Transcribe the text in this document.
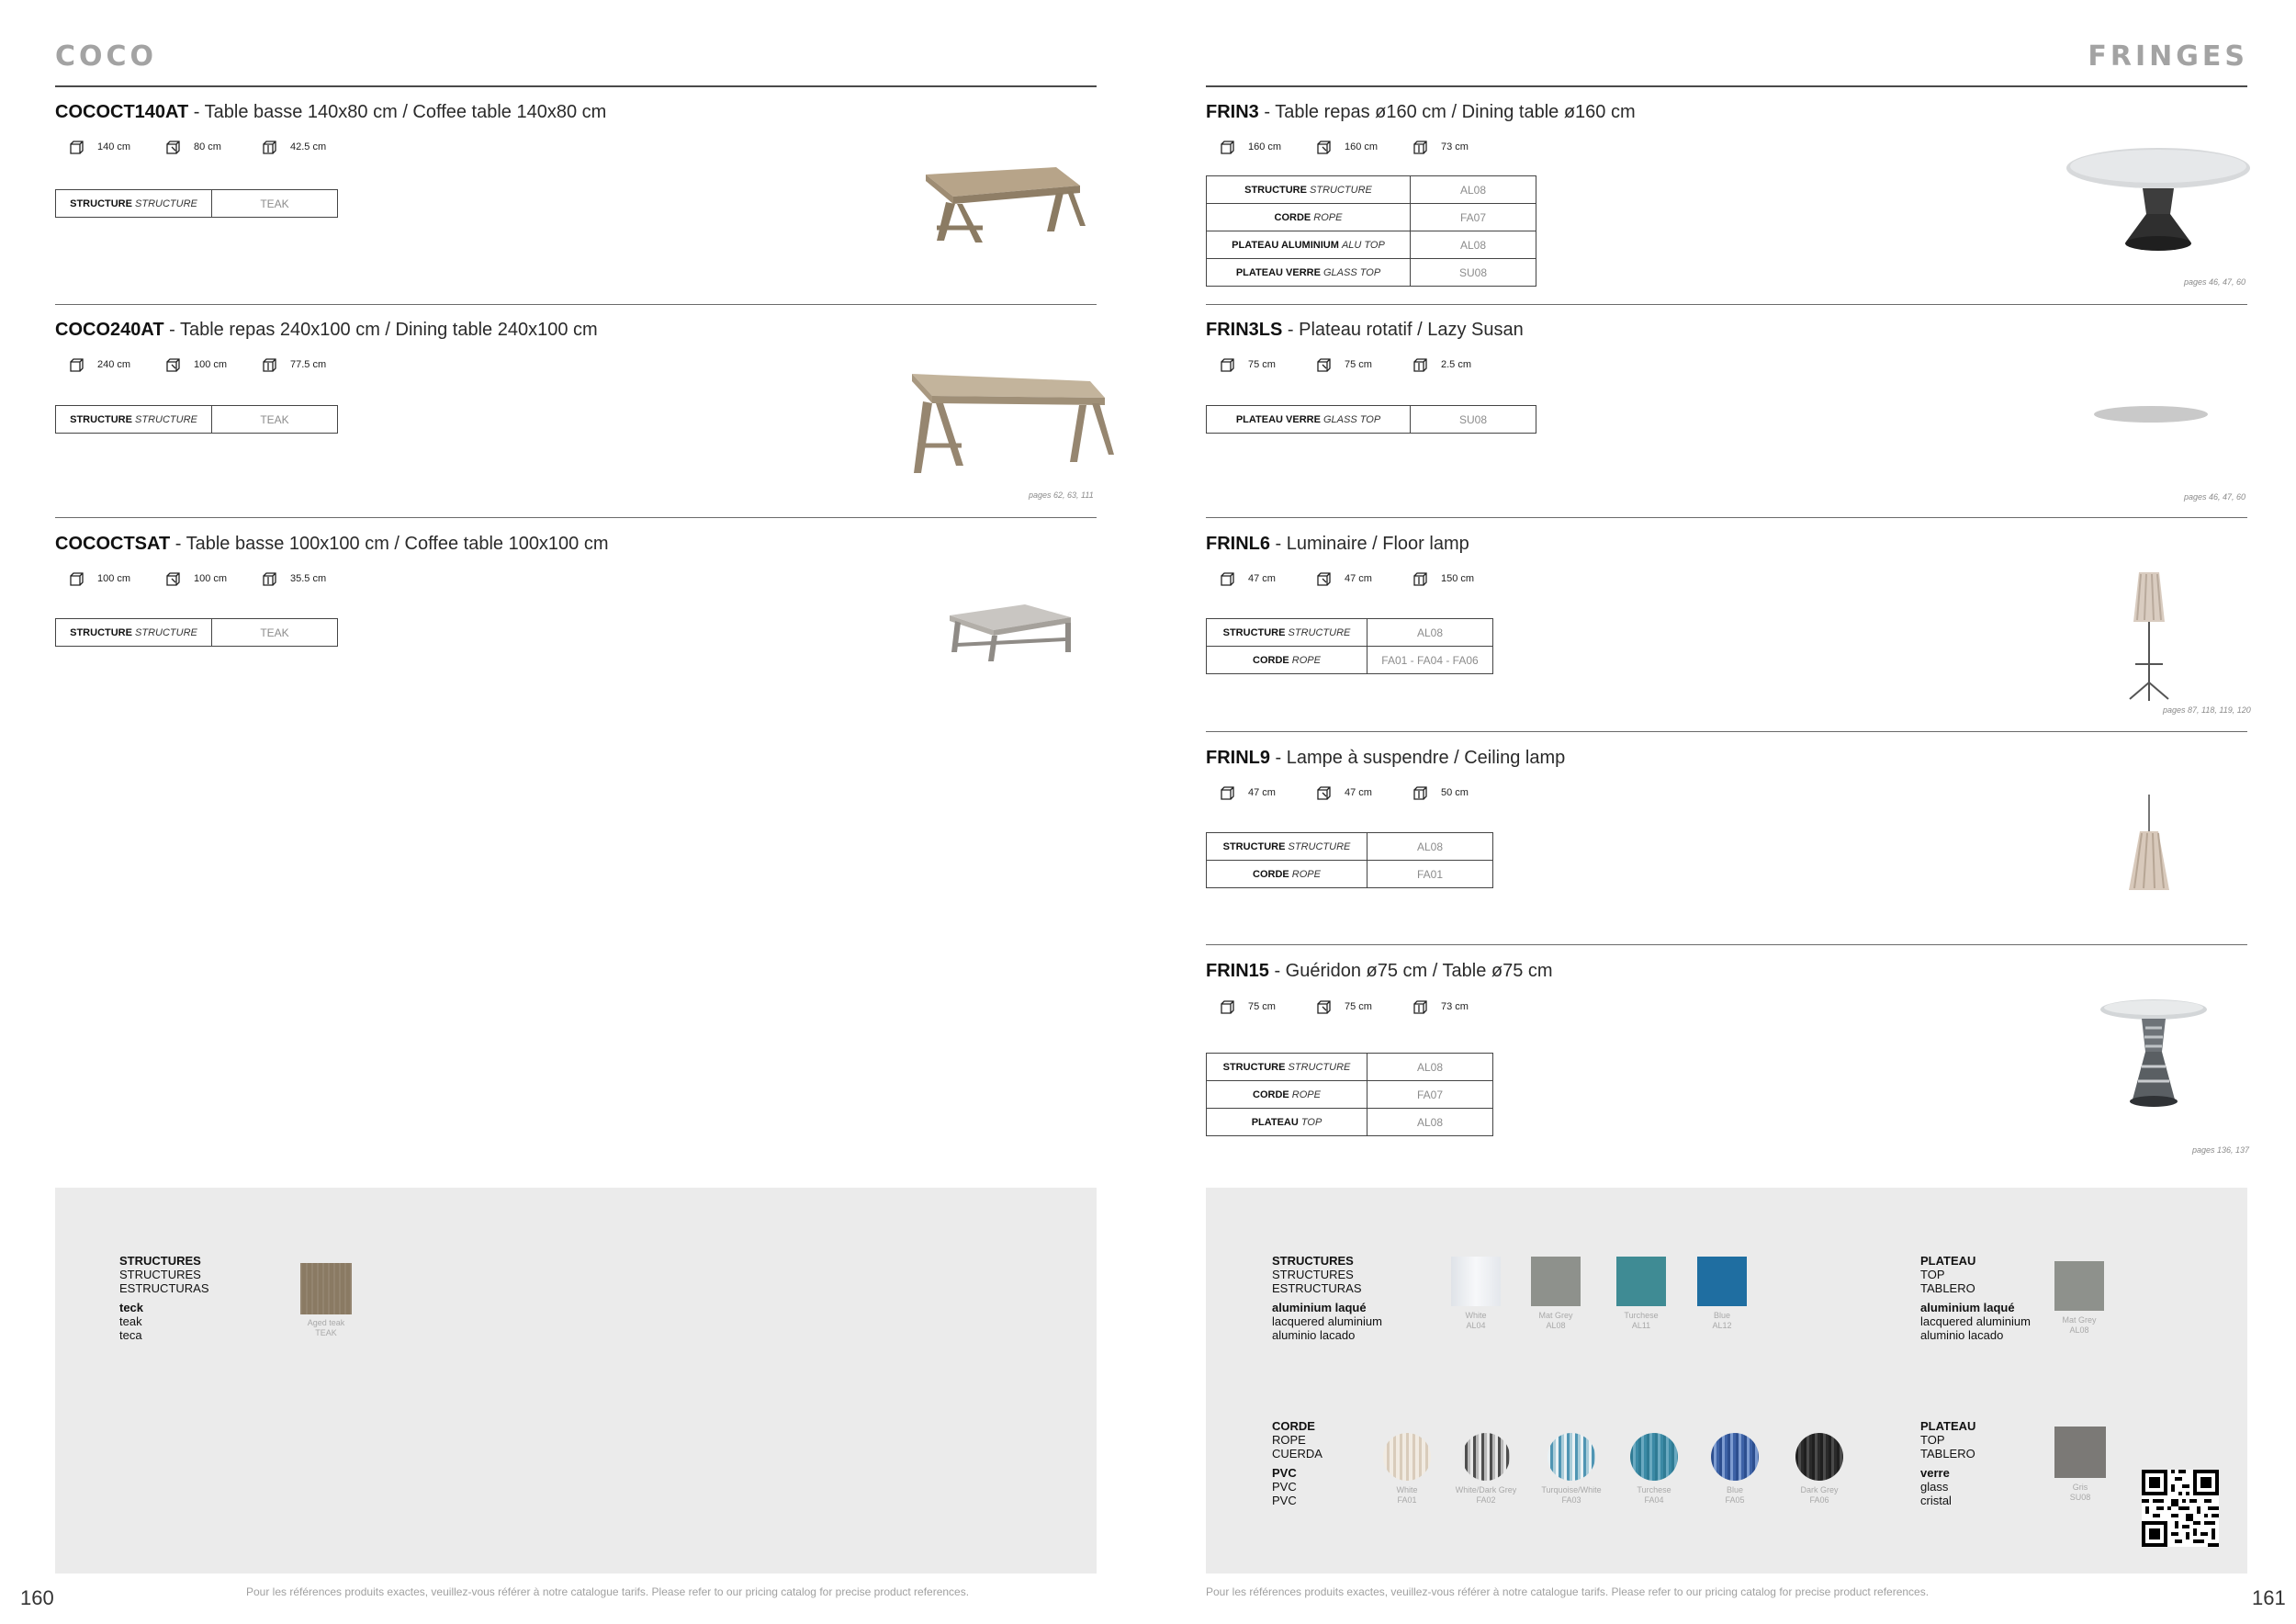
COCO
COCOCT140AT - Table basse 140x80 cm / Coffee table 140x80 cm
140 cm	80 cm	42.5 cm
STRUCTURE STRUCTURE	TEAK
COCO240AT - Table repas 240x100 cm / Dining table 240x100 cm
240 cm	100 cm	77.5 cm
STRUCTURE STRUCTURE	TEAK
pages 62, 63, 111
COCOCTSAT - Table basse 100x100 cm / Coffee table 100x100 cm
100 cm	100 cm	35.5 cm
STRUCTURE STRUCTURE	TEAK
STRUCTURES
STRUCTURES
ESTRUCTURAS
teck
teak
teca
Aged teak
TEAK
160	Pour les références produits exactes, veuillez-vous référer à notre catalogue tarifs. Please refer to our pricing catalog for precise product references.
FRINGES
FRIN3 - Table repas ø160 cm / Dining table ø160 cm
160 cm	160 cm	73 cm
STRUCTURE STRUCTURE	AL08
CORDE ROPE	FA07
PLATEAU ALUMINIUM ALU TOP	AL08
PLATEAU VERRE GLASS TOP	SU08
pages 46, 47, 60
FRIN3LS - Plateau rotatif / Lazy Susan
75 cm	75 cm	2.5 cm
PLATEAU VERRE GLASS TOP	SU08
pages 46, 47, 60
FRINL6 - Luminaire / Floor lamp
47 cm	47 cm	150 cm
STRUCTURE STRUCTURE	AL08
CORDE ROPE	FA01 - FA04 - FA06
pages 87, 118, 119, 120
FRINL9 - Lampe à suspendre / Ceiling lamp
47 cm	47 cm	50 cm
STRUCTURE STRUCTURE	AL08
CORDE ROPE	FA01
FRIN15 - Guéridon ø75 cm / Table ø75 cm
75 cm	75 cm	73 cm
STRUCTURE STRUCTURE	AL08
CORDE ROPE	FA07
PLATEAU TOP	AL08
pages 136, 137
STRUCTURES
STRUCTURES
ESTRUCTURAS
aluminium laqué
lacquered aluminium
aluminio lacado
White
AL04
Mat Grey
AL08
Turchese
AL11
Blue
AL12
PLATEAU
TOP
TABLERO
aluminium laqué
lacquered aluminium
aluminio lacado
Mat Grey
AL08
CORDE
ROPE
CUERDA
PVC
PVC
PVC
White
FA01
White/Dark Grey
FA02
Turquoise/White
FA03
Turchese
FA04
Blue
FA05
Dark Grey
FA06
PLATEAU
TOP
TABLERO
verre
glass
cristal
Gris
SU08
Pour les références produits exactes, veuillez-vous référer à notre catalogue tarifs. Please refer to our pricing catalog for precise product references.	161
